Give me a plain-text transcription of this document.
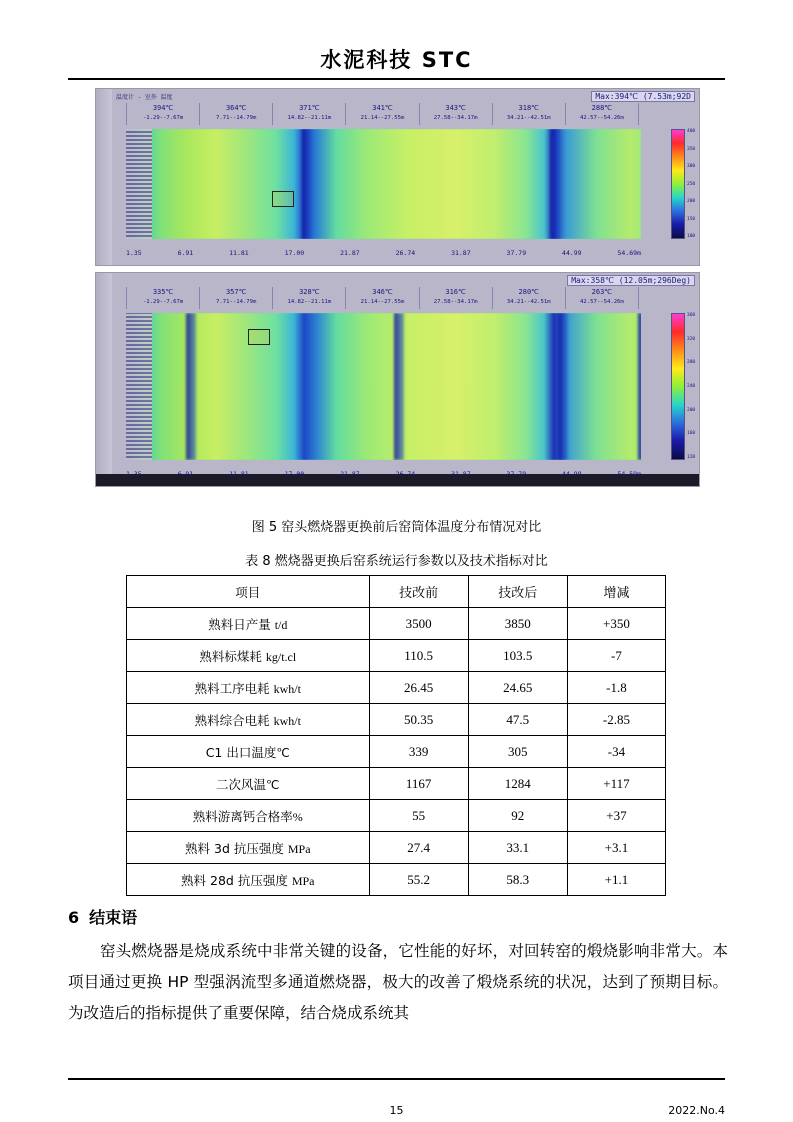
水泥科技 STC
温度计 - 室外 温度	Max:394℃ (7.53m;92D
394℃
-1.29--7.67m
364℃
7.71--14.79m
371℃
14.82--21.11m
341℃
21.14--27.55m
343℃
27.58--34.17m
318℃
34.21--42.51m
288℃
42.57--54.26m
400
350
300
250
200
150
100
1.35	6.91	11.81	17.00	21.87	26.74	31.87	37.79	44.99	54.69m
Max:358℃ (12.05m;296Deg)
335℃
-1.29--7.67m
357℃
7.71--14.79m
328℃
14.82--21.11m
346℃
21.14--27.55m
316℃
27.58--34.17m
280℃
34.21--42.51m
263℃
42.57--54.26m
360
320
280
240
200
160
120
1.35	6.91	11.81	17.00	21.87	26.74	31.87	37.79	44.99	54.59m
图 5 窑头燃烧器更换前后窑筒体温度分布情况对比
表 8 燃烧器更换后窑系统运行参数以及技术指标对比
项目	技改前	技改后	增减
熟料日产量 t/d	3500	3850	+350
熟料标煤耗 kg/t.cl	110.5	103.5	-7
熟料工序电耗 kwh/t	26.45	24.65	-1.8
熟料综合电耗 kwh/t	50.35	47.5	-2.85
C1 出口温度℃	339	305	-34
二次风温℃	1167	1284	+117
熟料游离钙合格率%	55	92	+37
熟料 3d 抗压强度 MPa	27.4	33.1	+3.1
熟料 28d 抗压强度 MPa	55.2	58.3	+1.1
6 结束语
窑头燃烧器是烧成系统中非常关键的设备，它性能的好坏，对回转窑的煅烧影响非常大。本项目通过更换 HP 型强涡流型多通道燃烧器，极大的改善了煅烧系统的状况，达到了预期目标。为改造后的指标提供了重要保障，结合烧成系统其
15	2022.No.4
